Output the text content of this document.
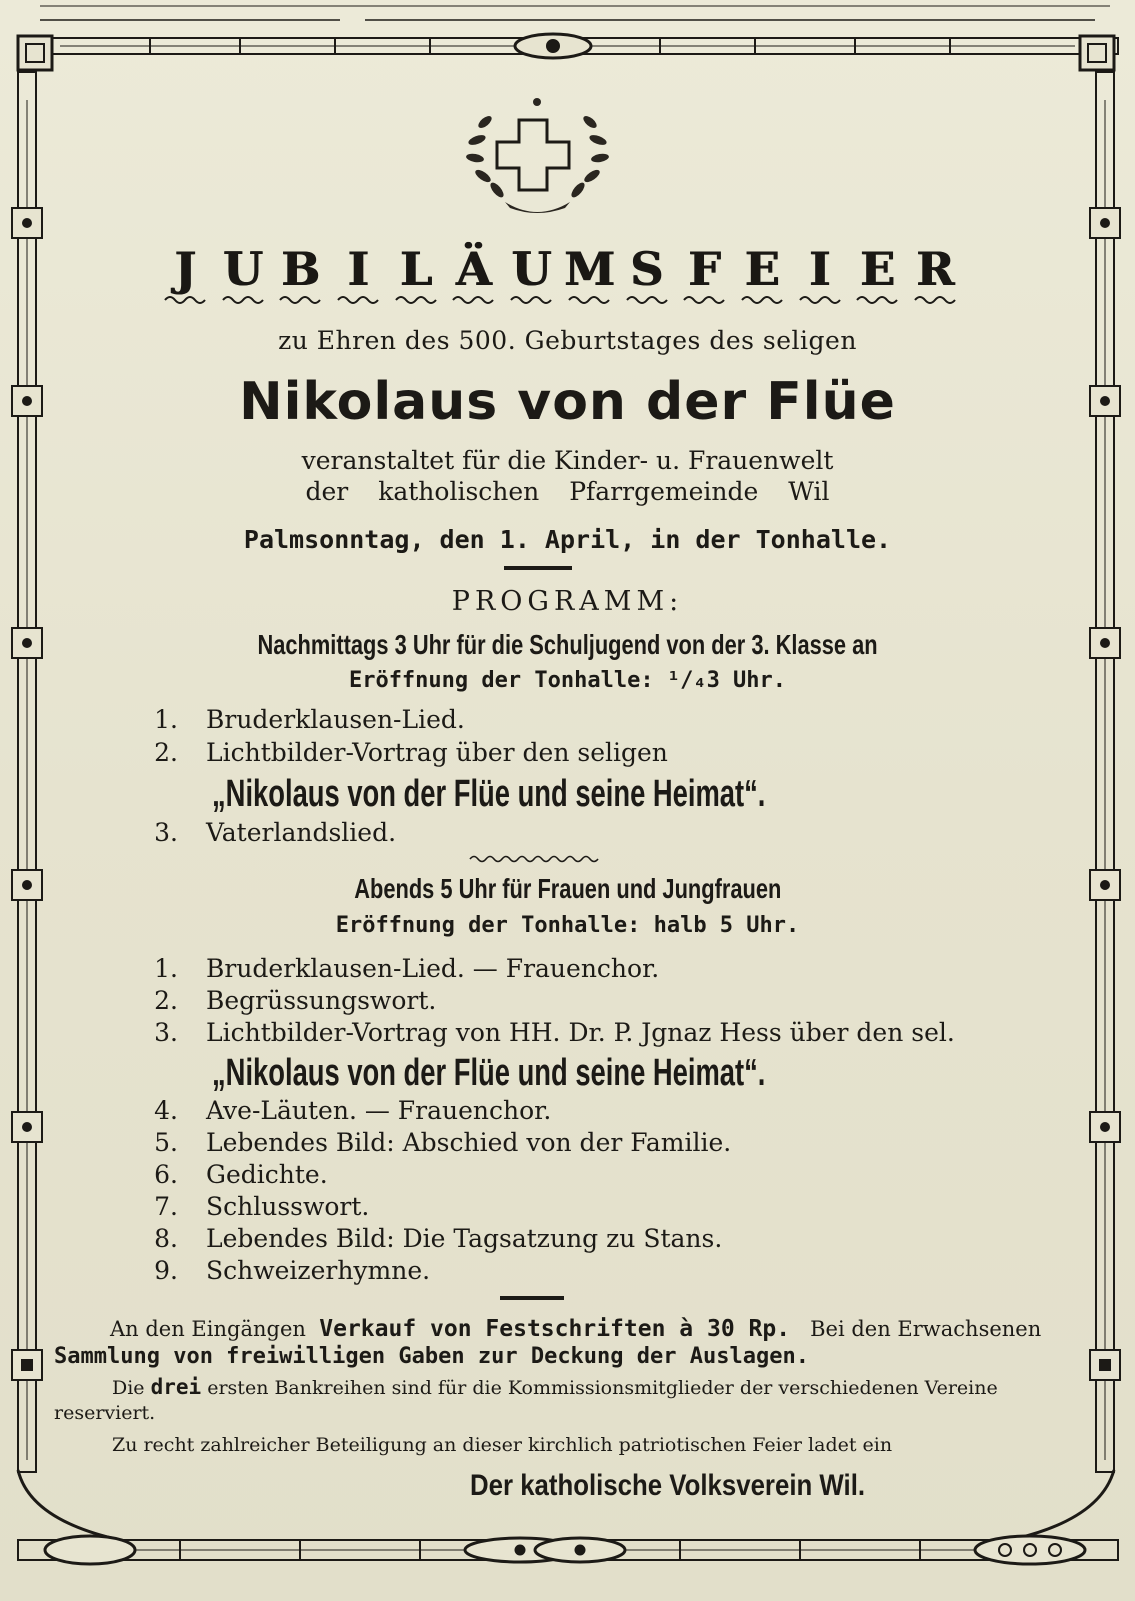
J U B I L Ä U M S F E I E R
zu Ehren des 500. Geburtstages des seligen
Nikolaus von der Flüe
veranstaltet für die Kinder- u. Frauenwelt
der katholischen Pfarrgemeinde Wil
Palmsonntag, den 1. April, in der Tonhalle.
PROGRAMM:
Nachmittags 3 Uhr für die Schuljugend von der 3. Klasse an
Eröffnung der Tonhalle: ¹/₄3 Uhr.
1. Bruderklausen-Lied.
2. Lichtbilder-Vortrag über den seligen
„Nikolaus von der Flüe und seine Heimat“.
3. Vaterlandslied.
Abends 5 Uhr für Frauen und Jungfrauen
Eröffnung der Tonhalle: halb 5 Uhr.
1. Bruderklausen-Lied. — Frauenchor.
2. Begrüssungswort.
3. Lichtbilder-Vortrag von HH. Dr. P. Jgnaz Hess über den sel.
„Nikolaus von der Flüe und seine Heimat“.
4. Ave-Läuten. — Frauenchor.
5. Lebendes Bild: Abschied von der Familie.
6. Gedichte.
7. Schlusswort.
8. Lebendes Bild: Die Tagsatzung zu Stans.
9. Schweizerhymne.
An den Eingängen Verkauf von Festschriften à 30 Rp. Bei den Erwachsenen
Sammlung von freiwilligen Gaben zur Deckung der Auslagen.
Die drei ersten Bankreihen sind für die Kommissionsmitglieder der verschiedenen Vereine
reserviert.
Zu recht zahlreicher Beteiligung an dieser kirchlich patriotischen Feier ladet ein
Der katholische Volksverein Wil.
